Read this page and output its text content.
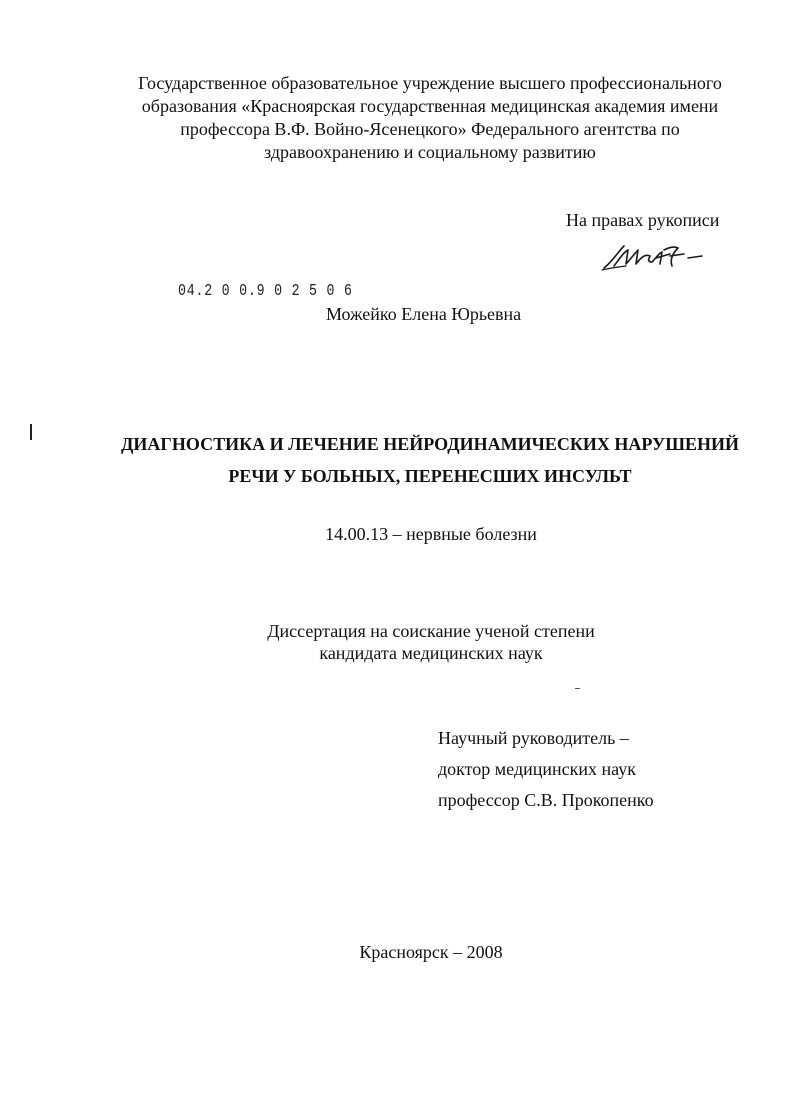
Государственное образовательное учреждение высшего профессионального
образования «Красноярская государственная медицинская академия имени
профессора В.Ф. Войно-Ясенецкого» Федерального агентства по
здравоохранению и социальному развитию
На правах рукописи
04.2 0 0.9 0 2 5 0 6
Можейко Елена Юрьевна
ДИАГНОСТИКА И ЛЕЧЕНИЕ НЕЙРОДИНАМИЧЕСКИХ НАРУШЕНИЙ
РЕЧИ У БОЛЬНЫХ, ПЕРЕНЕСШИХ ИНСУЛЬТ
14.00.13 – нервные болезни
Диссертация на соискание ученой степени
кандидата медицинских наук
Научный руководитель –
доктор медицинских наук
профессор С.В. Прокопенко
Красноярск – 2008
